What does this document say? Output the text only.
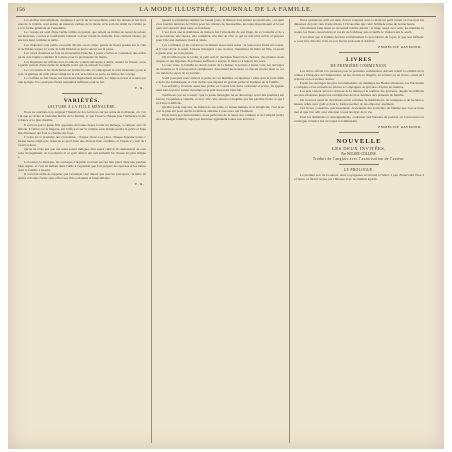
156	LA MODE ILLUSTRÉE, JOURNAL DE LA FAMILLE.

Les étoffes nouvellement, destinées à servir de recouvrement, entre les dessus et les bordures de la toilette, sont autant de nuances variées de la mode, et le soin du détail ne s'arrête pas à la forme générale de l'ensemble.

Le corsage est orné d'une berthe taillée en pointe, que retient au milieu un nœud de ruban; les manches, courtes et bouffantes, laissent voir un volant de dentelle. Une ceinture étroite, posée très haut, termine la taille.

Les chapeaux sont petits, en paille d'Italie ou en crêpe, garnis de fleurs posées sur le côté et de brides larges; le voile de tulle illusion se porte relevé sur la passe.

Les robes d'enfants se font en mousseline blanche, à jupes courtes et volantées; une écharpe de soie légère complète la toilette pour la promenade du matin.

Les mantelets de taffetas noir, bordés de volants découpés à dents, restent en faveur; on les garnit parfois d'une ruche de dentelle noire qui en adoucit la coupe.

Le col rabattu et les manchettes de batiste brodée accompagnent la robe montante; pour le soir, la guimpe de tulle plissé remplace le col, et le bijou se porte au milieu du corsage.

La coiffure se fait basse, les bandeaux légèrement ondulés, le chignon tressé et retenu par une épingle d'or; quelques fleurs naturelles suffisent pour le bal.

E. R.
VARIÉTÉS.
LECTURE A LA FILLE MÉNAGÈRE.

Nous ne saurions trop engager l'intérêt de nos lectrices sur les soins de la maison, car c'est là que se révèle le véritable mérite de la femme, et que s'exerce chaque jour l'influence la plus douce et la plus durable.

Il est bon que la jeune fille apprenne de bonne heure à tenir un ménage, à compter avec méthode, à veiller sur la lingerie, sur l'office et sur la cuisine, sans jamais perdre la grâce et l'égalité d'humeur qui font le charme du foyer.

L'ordre est la première des économies : chaque chose à sa place, chaque dépense notée, chaque heure employée. Rien ne se perd dans une maison bien conduite, et l'aisance y naît de la prévoyance.

Qu'on ne croie pas que ces soins soient indignes d'un esprit cultivé; ils demandent au contraire du jugement, de la patience et ce goût délicat qui sait embellir les choses les plus simples.

La lecture, la musique, les ouvrages d'aiguille trouvent encore leur place dans une journée bien réglée, et c'est en mêlant ainsi l'utile à l'agréable que l'on prépare les épouses et les mères dont la famille a besoin.

Il convient enfin de rappeler que l'exemple vaut mieux que tous les préceptes : la mère attentive et bonne forme sans effort une fille ordonnée et bienveillante.

E. R.

Quand le printemps ramène les beaux jours, la maison tout entière se renouvelle : on quitte les lourdes tentures de l'hiver pour les rideaux de mousseline, les tapis disparaissent et le parquet ciré reparaît dans toute sa fraîcheur.

C'est alors que la maîtresse de maison fait l'inventaire de son linge, de sa vaisselle et de ses provisions; elle répare, elle complète, elle met de côté ce qui ne doit plus servir, et prépare pour l'été une demeure claire et aérée.

Les confitures et les conserves réclament aussi leurs soins : la saison des fruits est courte, et il faut savoir la saisir. Chaque ménagère a ses recettes, transmises de mère en fille, et qu'elle garde avec un soin jaloux.

On n'oubliera pas le jardin, si petit soit-il; quelques fleurs bien choisies, des plantes aromatiques et des légumes de primeur suffisent à égayer la table et à réjouir les yeux.

Le soir venu, la famille se réunit autour de la lampe; la lecture à haute voix, les ouvrages de broderie et la conversation remplissent doucement les heures, et chacun trouve dans ce cercle intime le repos de sa journée.

Voilà pourquoi nous aimons à parler de ces humbles occupations : elles sont le fond même de la vie domestique, et c'est d'elles que dépend en grande partie le bonheur de la famille.

Les enfants y trouvent aussi leur profit; en voyant leur mère ordonnée et active, ils apprennent sans leçon la valeur du temps et le prix du travail bien fait.

Terminons par un conseil : que la jeune ménagère ne se décourage point des premiers embarras; l'expérience viendra, et avec elle cette aisance tranquille qui fait paraître facile ce qui fut d'abord difficile.

Qu'elle garde toujours, au milieu de ses soins, la bonne humeur et la simplicité; c'est le secret le plus sûr pour rendre la maison aimable à tous ceux qui l'habitent.

Dans notre prochain numéro, nous parlerons de la tenue des comptes et de l'emploi judicieux du budget familial, sujet qui intéresse également toutes nos lectrices.

Nous ajouterons qu'il est utile d'avoir toujours sous la main un petit carnet où l'on note les dépenses du jour; rien n'aide mieux à l'économie que cette habitude prise de bonne heure.

Une maison bien tenue se reconnaît à mille détails : le linge rangé avec soin, les meubles luisants, les fleurs renouvelées et cet air de fraîcheur qui accueille le visiteur dès le seuil.

C'est ainsi que la femme devient véritablement la providence du foyer, et que son influence, pour être discrète, n'en est pas moins profonde et durable.

EMMELINE RAYMOND.
LIVRES
DE PREMIÈRE COMMUNION.

Les livres offerts à la jeunesse pour la première communion doivent réunir la solidité de la reliure à l'élégance de l'impression; on les choisit en chagrin, en velours ou en ivoire, ornés de fermoirs et de tranches dorées.

Parmi les ouvrages les plus recommandés, on distingue les Heures illustrées, les Paroissiens complets et les recueils de prières accompagnés de gravures d'après les maîtres.

Les prix varient selon la richesse de la reliure et le nombre des gravures, depuis les éditions les plus modestes jusqu'aux exemplaires de luxe destinés aux présents de famille.

On trouvera aussi de charmants petits volumes de méditations, de cantiques et de lectures pieuses, reliés avec goût et dont le format permet de les emporter aisément.

Ces livres, conservés précieusement, deviennent des souvenirs de famille que l'on se transmet et que l'on relit avec émotion à tous les âges de la vie.

Pour les demandes et renseignements, s'adresser aux bureaux du journal, où l'on trouvera le catalogue complet des ouvrages recommandés.

EMMELINE RAYMOND.
NOUVELLE
LES DEUX INVITÉES,
Par WILKIE COLLINS.
Traduit de l'anglais avec l'autorisation de l'auteur.
LE PROLOGUE.

Le premier soir de la saison, deux voyageuses arrivèrent à l'hôtel, à peu d'intervalle l'une de l'autre, et furent reçues par l'hôtesse avec les mêmes égards.
